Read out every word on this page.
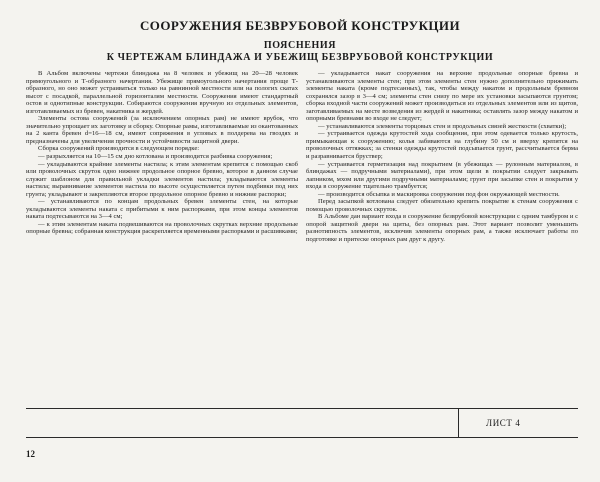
СООРУЖЕНИЯ БЕЗВРУБОВОЙ КОНСТРУКЦИИ
ПОЯСНЕНИЯ
К ЧЕРТЕЖАМ БЛИНДАЖА И УБЕЖИЩ БЕЗВРУБОВОЙ КОНСТРУКЦИИ

В Альбом включены чертежи блиндажа на 8 человек и убежищ на 20—28 человек прямоугольного и Т-образного начертания. Убежище прямоугольного начертания проще Т-образного, но оно может устраиваться только на равнинной местности или на пологих скатах высот с посадкой, параллельной горизонталям местности. Сооружения имеют стандартный остов и однотипные конструкции. Собираются сооружения вручную из отдельных элементов, изготавливаемых из бревен, накатника и жердей.

Элементы остова сооружений (за исключением опорных рам) не имеют врубок, что значительно упрощает их заготовку и сборку. Опорные рамы, изготавливаемые из окантованных на 2 канта бревен d=16—18 см, имеют сопряжения в угловых в полдерева на гвоздях и предназначены для увеличения прочности и устойчивости защитной двери.

Сборка сооружений производится в следующем порядке:

— разрыхляется на 10—15 см дно котлована и производится разбивка сооружения;

— укладываются крайние элементы настила; к этим элементам крепится с помощью скоб или проволочных скруток одно нижнее продольное опорное бревно, которое в данном случае служит шаблоном для правильной укладки элементов настила; укладываются элементы настила; выравнивание элементов настила по высоте осуществляется путем подбивки под них грунта; укладывают и закрепляются второе продольное опорное бревно и нижние распорки;

— устанавливаются по концам продольных бревен элементы стен, на которые укладываются элементы наката с прибитыми к ним распорками, при этом концы элементов наката подтесываются на 3—4 см;

— к этим элементам наката подвешиваются на проволочных скрутках верхние продольные опорные бревна; собранная конструкция раскрепляется временными распорками и расшивками;

— укладывается накат сооружения на верхние продольные опорные бревна и устанавливаются элементы стен; при этом элементы стен нужно дополнительно прижимать элементы наката (кроме подтесанных), так, чтобы между накатом и продольным бревном сохранялся зазор в 3—4 см; элементы стен снизу по мере их установки засыпаются грунтом; сборка входной части сооружений может производиться из отдельных элементов или из щитов, заготавливаемых на месте возведения из жердей и накатника; оставлять зазор между накатом и опорными бревнами во входе не следует;

— устанавливаются элементы торцовых стен и продольных связей жесткости (схватки);

— устраивается одежда крутостей хода сообщения, при этом одевается только крутость, примыкающая к сооружению; колья забиваются на глубину 50 см и вверху крепятся на проволочных оттяжках; за стенки одежды крутостей подсыпается грунт, рассчитывается берма и разравнивается бруствер;

— устраивается герметизация над покрытием (в убежищах — рулонным материалом, в блиндажах — подручными материалами), при этом щели в покрытии следует закрывать лапником, мхом или другими подручными материалами; грунт при засыпке стен и покрытия у входа в сооружение тщательно трамбуется;

— производится обсыпка и маскировка сооружения под фон окружающей местности.

Перед засыпкой котлована следует обязательно крепить покрытие к стенам сооружения с помощью проволочных скруток.

В Альбоме дан вариант входа в сооружение безврубовой конструкции с одним тамбуром и с опорой защитной двери на щиты, без опорных рам. Этот вариант позволит уменьшить разнотипность элементов, исключив элементы опорных рам, а также исключает работы по подготовке и притеске опорных рам друг к другу.

ЛИСТ 4
12
